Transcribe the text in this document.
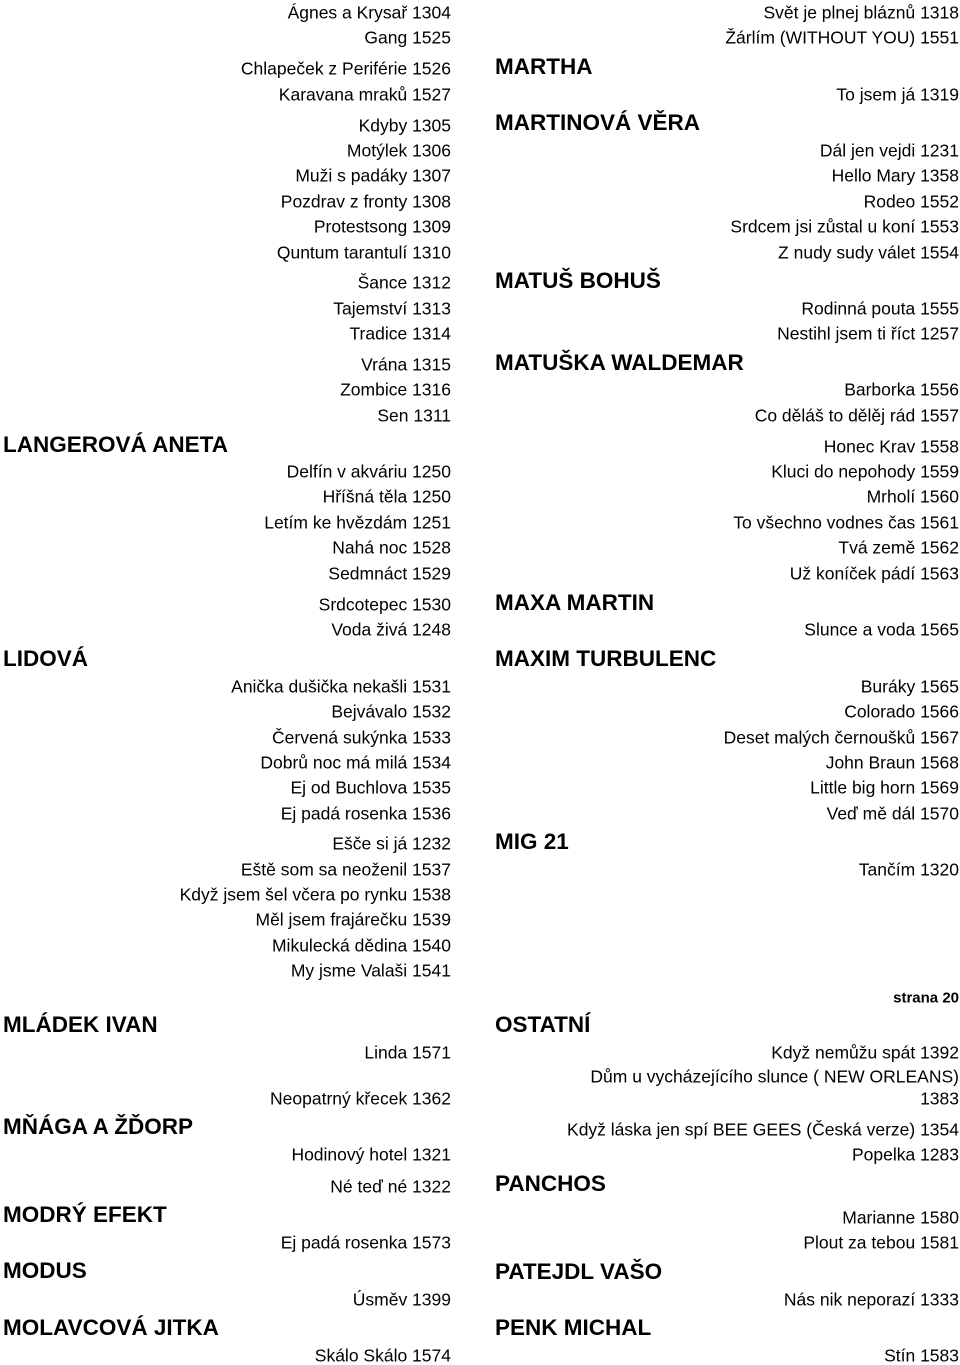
strana 20
Ágnes a Krysař 1304
Gang 1525
Chlapeček z Periférie 1526
Karavana mraků 1527
Kdyby 1305
Motýlek 1306
Muži s padáky 1307
Pozdrav z fronty 1308
Protestsong 1309
Quntum tarantulí 1310
Šance 1312
Tajemství 1313
Tradice 1314
Vrána 1315
Zombice 1316
Sen 1311
LANGEROVÁ ANETA
Delfín v akváriu 1250
Hříšná těla 1250
Letím ke hvězdám 1251
Nahá noc 1528
Sedmnáct 1529
Srdcotepec 1530
Voda živá 1248
LIDOVÁ
Anička dušička nekašli 1531
Bejvávalo 1532
Červená sukýnka 1533
Dobrů noc má milá 1534
Ej od Buchlova 1535
Ej padá rosenka 1536
Ešče si já 1232
Eště som sa neoženil 1537
Když jsem šel včera po rynku 1538
Měl jsem frajárečku 1539
Mikulecká dědina 1540
My jsme Valaši 1541
MLÁDEK IVAN
Linda 1571
Neopatrný křecek 1362
MŇÁGA A ŽĎORP
Hodinový hotel 1321
Né teď né 1322
MODRÝ EFEKT
Ej padá rosenka 1573
MODUS
Úsměv 1399
MOLAVCOVÁ JITKA
Skálo Skálo 1574
Svět je plnej bláznů 1318
Žárlím (WITHOUT YOU) 1551
MARTHA
To jsem já 1319
MARTINOVÁ VĚRA
Dál jen vejdi 1231
Hello Mary 1358
Rodeo 1552
Srdcem jsi zůstal u koní 1553
Z nudy sudy válet 1554
MATUŠ BOHUŠ
Rodinná pouta 1555
Nestihl jsem ti říct 1257
MATUŠKA WALDEMAR
Barborka 1556
Co děláš to dělěj rád 1557
Honec Krav 1558
Kluci do nepohody 1559
Mrholí 1560
To všechno vodnes čas 1561
Tvá země 1562
Už koníček pádí 1563
MAXA MARTIN
Slunce a voda 1565
MAXIM TURBULENC
Buráky 1565
Colorado 1566
Deset malých černoušků 1567
John Braun 1568
Little big horn 1569
Veď mě dál 1570
MIG 21
Tančím 1320
OSTATNÍ
Když nemůžu spát 1392
Dům u vycházejícího slunce ( NEW ORLEANS)
1383
Když láska jen spí BEE GEES (Česká verze) 1354
Popelka 1283
PANCHOS
Marianne 1580
Plout za tebou 1581
PATEJDL VAŠO
Nás nik neporazí 1333
PENK MICHAL
Stín 1583
